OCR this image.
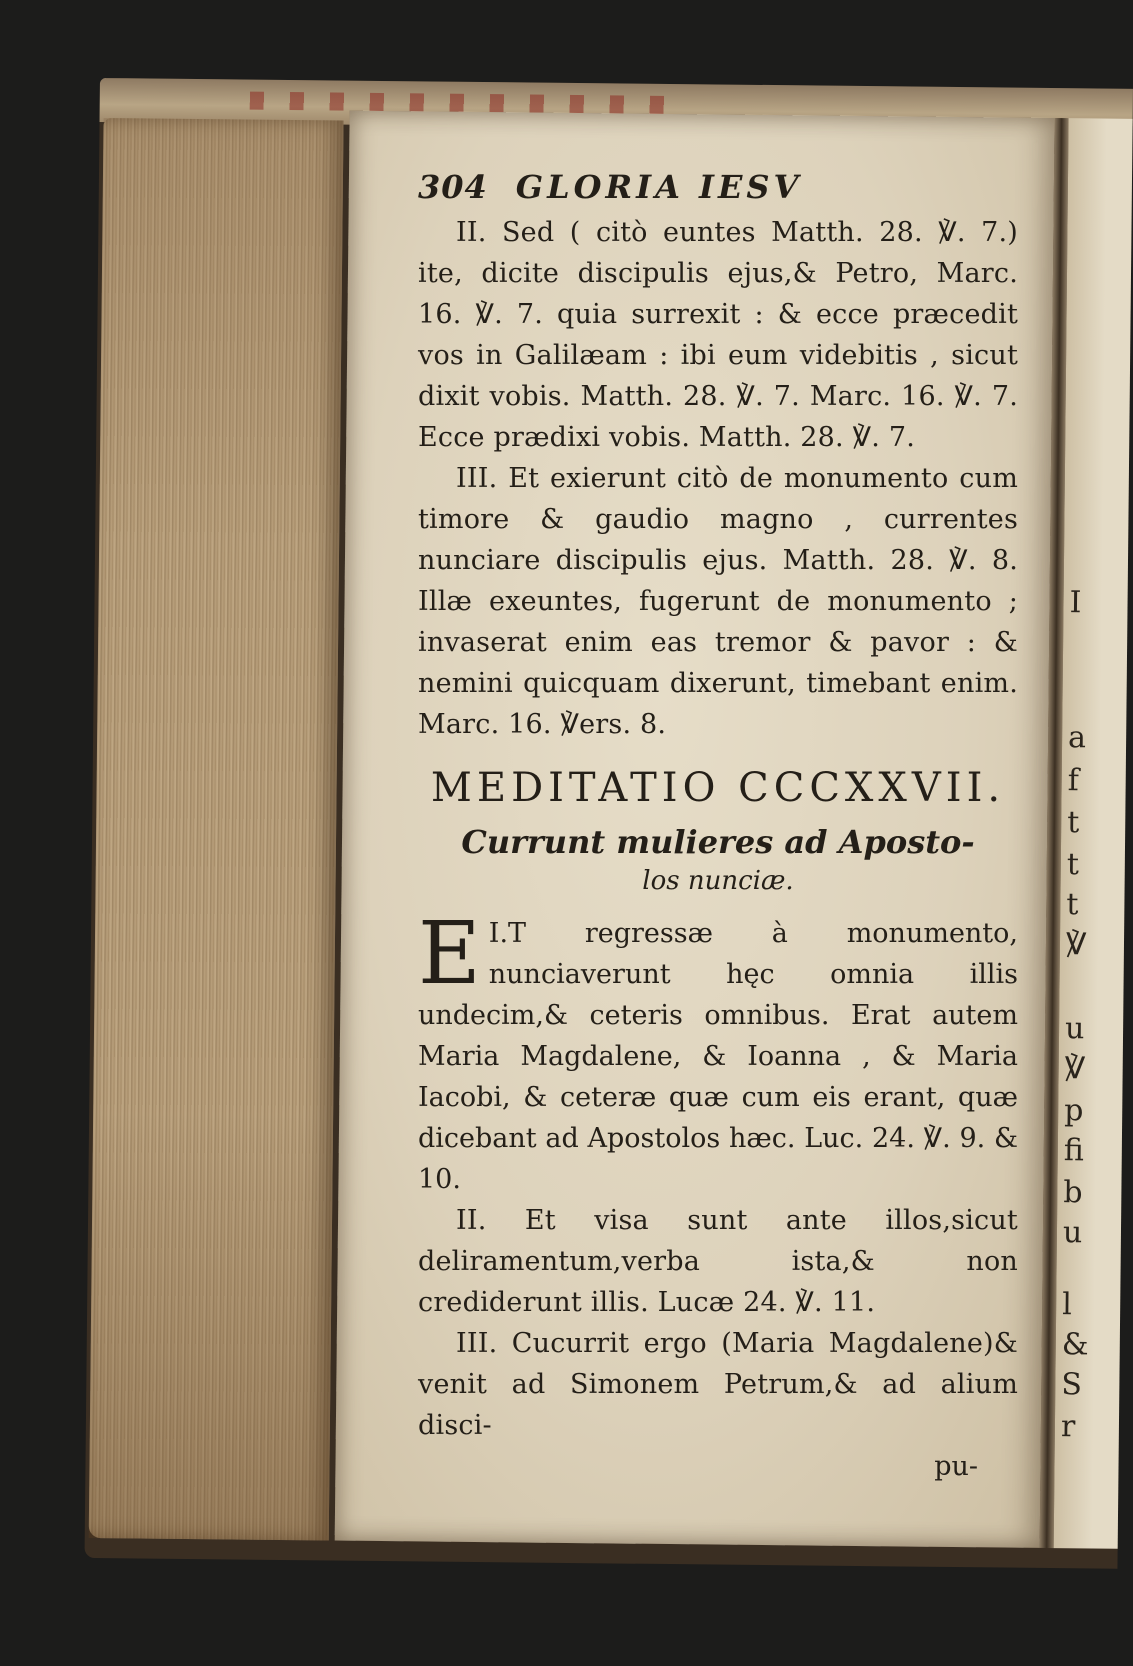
I
a
f
t
t
t
℣
u
℣
p
fi
b
u
l
&
S
r
304 GLORIA IESV

II. Sed ( citò euntes Matth. 28. ℣. 7.) ite, dicite discipulis ejus,& Petro, Marc. 16. ℣. 7. quia surrexit : & ecce præcedit vos in Galilæam : ibi eum videbitis , sicut dixit vobis. Matth. 28. ℣. 7. Marc. 16. ℣. 7. Ecce prædixi vobis. Matth. 28. ℣. 7.

III. Et exierunt citò de monumento cum timore & gaudio magno , currentes nunciare discipulis ejus. Matth. 28. ℣. 8. Illæ exeuntes, fugerunt de monumento ; invaserat enim eas tremor & pavor : & nemini quicquam dixerunt, timebant enim. Marc. 16. ℣ers. 8.

MEDITATIO CCCXXVII.

Currunt mulieres ad Aposto-

los nunciæ.

I.
E T regressæ à monumento, nunciaverunt hęc omnia illis undecim,& ceteris omnibus. Erat autem Maria Magdalene, & Ioanna , & Maria Iacobi, & ceteræ quæ cum eis erant, quæ dicebant ad Apostolos hæc. Luc. 24. ℣. 9. & 10.

II. Et visa sunt ante illos,sicut deliramentum,verba ista,& non crediderunt illis. Lucæ 24. ℣. 11.

III. Cucurrit ergo (Maria Magdalene)& venit ad Simonem Petrum,& ad alium disci-

pu-
